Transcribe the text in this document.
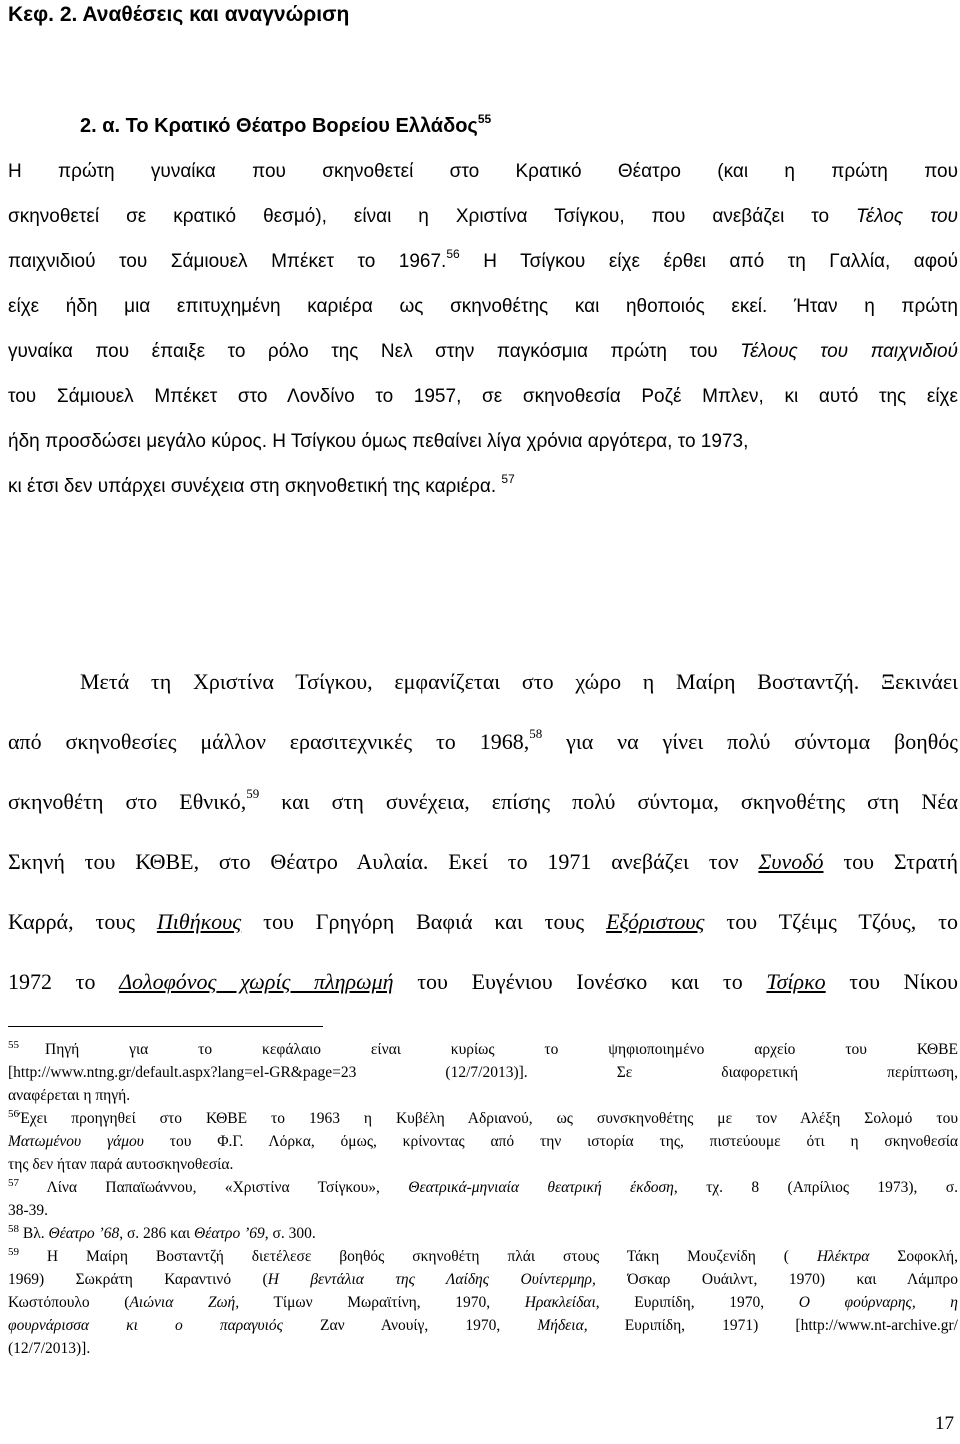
Κεφ. 2. Αναθέσεις και αναγνώριση
2. α. Το Κρατικό Θέατρο Βορείου Ελλάδος$^{55}$
Η πρώτη γυναίκα που σκηνοθετεί στο Κρατικό Θέατρο (και η πρώτη που
σκηνοθετεί σε κρατικό θεσμό), είναι η Χριστίνα Τσίγκου, που ανεβάζει το Τέλος του
παιχνιδιού του Σάμιουελ Μπέκετ το 1967.56 Η Τσίγκου είχε έρθει από τη Γαλλία, αφού
είχε ήδη μια επιτυχημένη καριέρα ως σκηνοθέτης και ηθοποιός εκεί. Ήταν η πρώτη
γυναίκα που έπαιξε το ρόλο της Νελ στην παγκόσμια πρώτη του Τέλους του παιχνιδιού
του Σάμιουελ Μπέκετ στο Λονδίνο το 1957, σε σκηνοθεσία Ροζέ Μπλεν, κι αυτό της είχε
ήδη προσδώσει μεγάλο κύρος. Η Τσίγκου όμως πεθαίνει λίγα χρόνια αργότερα, το 1973,
κι έτσι δεν υπάρχει συνέχεια στη σκηνοθετική της καριέρα. $^{57}$
Μετά τη Χριστίνα Τσίγκου, εμφανίζεται στο χώρο η Μαίρη Βοσταντζή. Ξεκινάει
από σκηνοθεσίες μάλλον ερασιτεχνικές το 1968,58 για να γίνει πολύ σύντομα βοηθός
σκηνοθέτη στο Εθνικό,$^{59}$ και στη συνέχεια, επίσης πολύ σύντομα, σκηνοθέτης στη Νέα
Σκηνή του ΚΘΒΕ, στο Θέατρο Αυλαία. Εκεί το 1971 ανεβάζει τον Συνοδό του Στρατή
Καρρά, τους Πιθήκους του Γρηγόρη Βαφιά και τους Εξόριστους του Τζέιμς Τζόυς, το
1972 το Δολοφόνος χωρίς πληρωμή του Ευγένιου Ιονέσκο και το Τσίρκο του Νίκου
$^{55}$ Πηγή για το κεφάλαιο είναι κυρίως το ψηφιοποιημένο αρχείο του ΚΘΒΕ
[http://www.ntng.gr/default.aspx?lang=el-GR&page=23 (12/7/2013)]. Σε διαφορετική περίπτωση,
αναφέρεται η πηγή.
$^{56}$Έχει προηγηθεί στο ΚΘΒΕ το 1963 η Κυβέλη Αδριανού, ως συνσκηνοθέτης με τον Αλέξη Σολομό του
Ματωμένου γάμου του Φ.Γ. Λόρκα, όμως, κρίνοντας από την ιστορία της, πιστεύουμε ότι η σκηνοθεσία
της δεν ήταν παρά αυτοσκηνοθεσία.
$^{57}$ Λίνα Παπαϊωάννου, «Χριστίνα Τσίγκου», Θεατρικά-μηνιαία θεατρική έκδοση, τχ. 8 (Απρίλιος 1973), σ.
38-39.
$^{58}$ Βλ. Θέατρο ’68, σ. 286 και Θέατρο ’69, σ. 300.
$^{59}$ Η Μαίρη Βοσταντζή διετέλεσε βοηθός σκηνοθέτη πλάι στους Τάκη Μουζενίδη ( Ηλέκτρα Σοφοκλή,
1969) Σωκράτη Καραντινό (Η βεντάλια της Λαίδης Ουίντερμηρ, Όσκαρ Ουάιλντ, 1970) και Λάμπρο
Κωστόπουλο (Αιώνια Ζωή, Τίμων Μωραϊτίνη, 1970, Ηρακλείδαι, Ευριπίδη, 1970, Ο φούρναρης, η
φουρνάρισσα κι ο παραγυιός Ζαν Ανουίγ, 1970, Μήδεια, Ευριπίδη, 1971) [http://www.nt-archive.gr/
(12/7/2013)].
17
